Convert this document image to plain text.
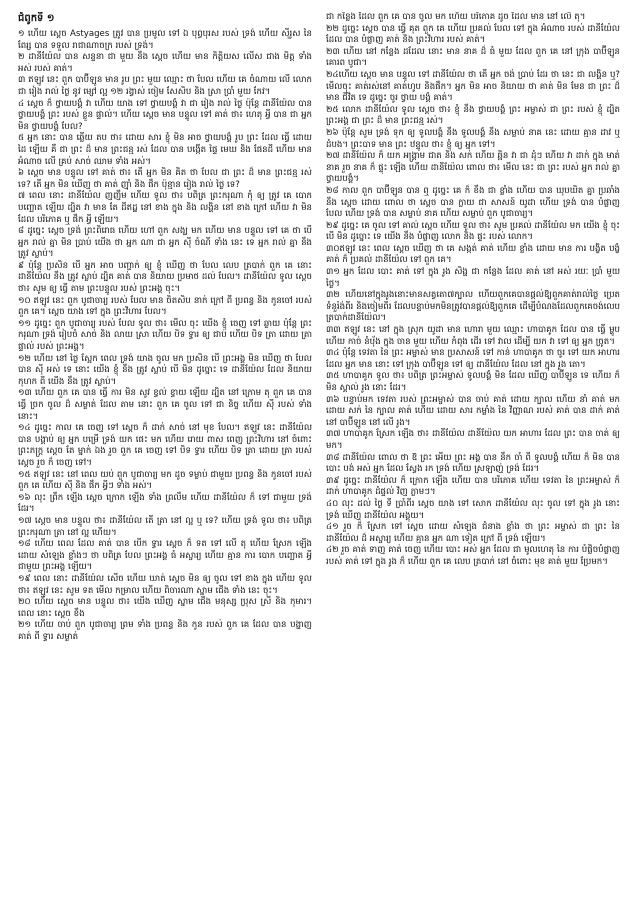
ជំពូកទី ១

១ ហើយ ស្តេច Astyages ត្រូវ បាន ប្រមូល ទៅ ឯ បុព្វបុរស របស់ ទ្រង់ ហើយ ស៊ីរូស នៃ ពែរ្ស បាន ទទួល រាជាណាចក្រ របស់ ទ្រង់។

២ ដានីយ៉ែល បាន សន្ទនា ជា មួយ នឹង ស្តេច ហើយ មាន កិត្តិយស លើស ជាង មិត្ត ទាំង អស់ របស់ គាត់។

៣ ឥឡូវ នេះ ពួក បាប៊ីឡូន មាន រូប ព្រះ មួយ ឈ្មោះ ថា បែល ហើយ គេ ចំណាយ លើ លោក ជា រៀង រាល់ ថ្ងៃ នូវ ម្សៅ ល្អ ១២ រង្វាស់ ចៀម សែសិប និង ស្រា ប្រាំ មួយ កែវ។

៤ ស្តេច ក៏ ថ្វាយបង្គំ វា ហើយ យាង ទៅ ថ្វាយបង្គំ វា ជា រៀង រាល់ ថ្ងៃ ប៉ុន្តែ ដានីយ៉ែល បាន ថ្វាយបង្គំ ព្រះ របស់ ខ្លួន ផ្ទាល់។ ហើយ ស្តេច មាន បន្ទូល ទៅ គាត់ ថា៖ ហេតុ អ្វី បាន ជា អ្នក មិន ថ្វាយបង្គំ បែល?

៥ អ្នក នោះ បាន ឆ្លើយ តប ថា៖ ដោយ សារ ខ្ញុំ មិន អាច ថ្វាយបង្គំ រូប ព្រះ ដែល ធ្វើ ដោយ ដៃ ឡើយ គឺ ជា ព្រះ ដ៏ មាន ព្រះជន្ម រស់ ដែល បាន បង្កើត ផ្ទៃ មេឃ និង ផែនដី ហើយ មាន អំណាច លើ គ្រប់ សាច់ ឈាម ទាំង អស់។

៦ ស្តេច មាន បន្ទូល ទៅ គាត់ ថា៖ តើ អ្នក មិន គិត ថា បែល ជា ព្រះ ដ៏ មាន ព្រះជន្ម រស់ ទេ? តើ អ្នក មិន ឃើញ ថា គាត់ ញ៉ាំ និង ផឹក ប៉ុន្មាន រៀង រាល់ ថ្ងៃ ទេ?

៧ ពេល នោះ ដានីយ៉ែល ញញឹម ហើយ ទូល ថា៖ បពិត្រ ព្រះករុណា កុំ ឲ្យ ត្រូវ គេ បោក បញ្ឆោត ឡើយ ដ្បិត វា មាន តែ ដីឥដ្ឋ នៅ ខាង ក្នុង និង លង្ហិន នៅ ខាង ក្រៅ ហើយ វា មិន ដែល បរិភោគ ឬ ផឹក អ្វី ឡើយ។

៨ ដូច្នេះ ស្តេច ទ្រង់ ព្រះពិរោធ ហើយ ហៅ ពួក សង្ឃ មក ហើយ មាន បន្ទូល ទៅ គេ ថា បើ អ្នក រាល់ គ្នា មិន ប្រាប់ យើង ថា អ្នក ណា ជា អ្នក ស៊ី ចំណី ទាំង នេះ ទេ អ្នក រាល់ គ្នា នឹង ត្រូវ ស្លាប់។

៩ ប៉ុន្តែ ប្រសិន បើ អ្នក អាច បញ្ជាក់ ឲ្យ ខ្ញុំ ឃើញ ថា បែល លេប ត្របាក់ ពួក គេ នោះ ដានីយ៉ែល នឹង ត្រូវ ស្លាប់ ដ្បិត គាត់ បាន និយាយ ប្រមាថ ដល់ បែល។ ដានីយ៉ែល ទូល ស្តេច ថា៖ សូម ឲ្យ ធ្វើ តាម ព្រះបន្ទូល របស់ ព្រះអង្គ ចុះ។

១០ ឥឡូវ នេះ ពួក បូជាចារ្យ របស់ បែល មាន ចិតសិប នាក់ ក្រៅ ពី ប្រពន្ធ និង កូនចៅ របស់ ពួក គេ។ ស្តេច យាង ទៅ ក្នុង ព្រះវិហារ បែល។

១១ ដូច្នេះ ពួក បូជាចារ្យ របស់ បែល ទូល ថា៖ មើល ចុះ យើង ខ្ញុំ ចេញ ទៅ ឆ្ងាយ ប៉ុន្តែ ព្រះករុណា ទ្រង់ រៀបចំ សាច់ និង លាយ ស្រា ហើយ បិទ ទ្វារ ឲ្យ ជាប់ ហើយ បិទ ត្រា ដោយ ត្រា ផ្ទាល់ របស់ ព្រះអង្គ។

១២ ហើយ នៅ ថ្ងៃ ស្អែក ពេល ទ្រង់ យាង ចូល មក ប្រសិន បើ ព្រះអង្គ មិន ឃើញ ថា បែល បាន ស៊ី អស់ ទេ នោះ យើង ខ្ញុំ នឹង ត្រូវ ស្លាប់ បើ មិន ដូច្នោះ ទេ ដានីយ៉ែល ដែល និយាយ កុហក ពី យើង នឹង ត្រូវ ស្លាប់។

១៣ ហើយ ពួក គេ បាន ធ្វើ ការ មិន សូវ ខ្វល់ ខ្វាយ ឡើយ ដ្បិត នៅ ក្រោម តុ ពួក គេ បាន ធ្វើ ច្រក ចូល ដ៏ សម្ងាត់ ដែល តាម នោះ ពួក គេ ចូល ទៅ ជា និច្ច ហើយ ស៊ី របស់ ទាំង នោះ។

១៤ ដូច្នេះ កាល គេ ចេញ ទៅ ស្តេច ក៏ ដាក់ សាច់ នៅ មុខ បែល។ ឥឡូវ នេះ ដានីយ៉ែល បាន បង្គាប់ ឲ្យ អ្នក បម្រើ ទ្រង់ យក ផេះ មក ហើយ រោយ ពាស ពេញ ព្រះវិហារ នៅ ចំពោះ ព្រះភក្ត្រ ស្តេច តែ ម្នាក់ ឯង រួច ពួក គេ ចេញ ទៅ បិទ ទ្វារ ហើយ បិទ ត្រា ដោយ ត្រា របស់ ស្តេច រួច ក៏ ចេញ ទៅ។

១៥ ឥឡូវ នេះ នៅ ពេល យប់ ពួក បូជាចារ្យ មក ដូច ទម្លាប់ ជាមួយ ប្រពន្ធ និង កូនចៅ របស់ ពួក គេ ហើយ ស៊ី និង ផឹក អ្វីៗ ទាំង អស់។

១៦ លុះ ព្រឹក ឡើង ស្តេច ក្រោក ឡើង ទាំង ព្រលឹម ហើយ ដានីយ៉ែល ក៏ ទៅ ជាមួយ ទ្រង់ ដែរ។

១៧ ស្តេច មាន បន្ទូល ថា៖ ដានីយ៉ែល តើ ត្រា នៅ ល្អ ឬ ទេ? ហើយ ទ្រង់ ទូល ថា៖ បពិត្រ ព្រះករុណា ត្រា នៅ ល្អ ហើយ។

១៨ ហើយ ពេល ដែល គាត់ បាន បើក ទ្វារ ស្តេច ក៏ ទត ទៅ លើ តុ ហើយ ស្រែក ឡើង ដោយ សំឡេង ខ្លាំងៗ ថា បពិត្រ បែល ព្រះអង្គ ធំ អស្ចារ្យ ហើយ គ្មាន ការ បោក បញ្ឆោត អ្វី ជាមួយ ព្រះអង្គ ឡើយ។

១៩ ពេល នោះ ដានីយ៉ែល សើច ហើយ ឃាត់ ស្តេច មិន ឲ្យ ចូល ទៅ ខាង ក្នុង ហើយ ទូល ថា៖ ឥឡូវ នេះ សូម ទត មើល កម្រាល ហើយ ពិចារណា ស្នាម ជើង ទាំង នេះ ចុះ។

២០ ហើយ ស្តេច មាន បន្ទូល ថា៖ យើង ឃើញ ស្នាម ជើង មនុស្ស ប្រុស ស្រី និង កុមារ។ ពេល នោះ ស្តេច ខឹង

២១ ហើយ ចាប់ ពួក បូជាចារ្យ ព្រម ទាំង ប្រពន្ធ និង កូន របស់ ពួក គេ ដែល បាន បង្ហាញ គាត់ ពី ទ្វារ សម្ងាត់

ជា កន្លែង ដែល ពួក គេ បាន ចូល មក ហើយ បរិភោគ ដូច ដែល មាន នៅ លើ តុ។

២២ ដូច្នេះ ស្តេច បាន ធ្វើ គុត ពួក គេ ហើយ ប្រគល់ បែល ទៅ ក្នុង អំណាច របស់ ដានីយ៉ែល ដែល បាន បំផ្លាញ គាត់ និង ព្រះវិហារ របស់ គាត់។

២៣ ហើយ នៅ កន្លែង ដដែល នោះ មាន នាគ ដ៏ ធំ មួយ ដែល ពួក គេ នៅ ក្រុង បាប៊ីឡូន គោរព បូជា។

២៤ហើយ ស្តេច មាន បន្ទូល ទៅ ដានីយ៉ែល ថា តើ អ្នក ចង់ ប្រាប់ ដែរ ថា នេះ ជា លង្ហិន ឬ? មើលចុះ គាត់រស់នៅ គាត់ហូប និងផឹក។ អ្នក មិន អាច និយាយ ថា គាត់ មិន មែន ជា ព្រះ ដ៏ មាន ជីវិត ទេ ដូច្នេះ ចូរ ថ្វាយ បង្គំ គាត់។

២៥ លោក ដានីយ៉ែល ទូល ស្តេច ថា៖ ខ្ញុំ នឹង ថ្វាយបង្គំ ព្រះ អម្ចាស់ ជា ព្រះ របស់ ខ្ញុំ ដ្បិត ព្រះអង្គ ជា ព្រះ ដ៏ មាន ព្រះជន្ម រស់។

២៦ ប៉ុន្តែ សូម ទ្រង់ ទុក ឲ្យ ទូលបង្គំ នឹង ទូលបង្គំ នឹង សម្លាប់ នាគ នេះ ដោយ គ្មាន ដាវ ឬ ដំបង។ ព្រះបាទ មាន ព្រះ ឋន្ទូល ថា៖ ខ្ញុំ ឲ្យ អ្នក ទៅ។

២៧ ដានីយ៉ែល ក៏ យក អង្គ្រាម ជាត និង សក់ ហើយ ឆ្អិន វា ជា ដុំៗ ហើយ វា ដាក់ ក្នុង មាត់ នាគ រួច នាគ ក៏ ផ្ទុះ ឡើង ហើយ ដានីយ៉ែល ពោល ថា៖ មើល នេះ ជា ព្រះ របស់ អ្នក រាល់ គ្នា ថ្វាយបង្គំ។

២៨ កាល ពួក បាប៊ីឡូន បាន ឮ ដូច្នេះ គេ ក៏ ខឹង ជា ខ្លាំង ហើយ បាន ឃុបឃិត គ្នា ប្រឆាំង នឹង ស្តេច ដោយ ពោល ថា ស្តេច បាន ក្លាយ ជា សាសន៍ យូដា ហើយ ទ្រង់ បាន បំផ្លាញ បែល ហើយ ទ្រង់ បាន សម្លាប់ នាគ ហើយ សម្លាប់ ពួក បូជាចារ្យ។

២៩ ដូច្នេះ គេ ចូល ទៅ គាល់ ស្តេច ហើយ ទូល ថា៖ សូម ប្រគល់ ដានីយ៉ែល មក យើង ខ្ញុំ ចុះ បើ មិន ដូច្នោះ ទេ យើង នឹង បំផ្លាញ លោក និង ផ្ទះ របស់ លោក។

៣០ឥឡូវ នេះ ពេល ស្តេច ឃើញ ថា គេ សង្កត់ គាត់ ហើយ ខ្លាំង ដោយ មាន ការ បង្ខិត បង្ខំ គាត់ ក៏ ប្រគល់ ដានីយ៉ែល ទៅ ពួក គេ។

៣១ អ្នក ដែល បោះ គាត់ ទៅ ក្នុង រូង សិង្ហ ជា កន្លែង ដែល គាត់ នៅ អស់ រយៈ ប្រាំ មួយ ថ្ងៃ។

៣២ ហើយនៅក្នុងរូងនោះមានសត្វតោ៧ក្បាល ហើយពួកគេបានផ្តល់ឱ្យពួកគាត់រាល់ថ្ងៃ ប្រេតទំនួរ៉ង់ពីរ និងចៀមពីរ ដែលបន្ទាប់មកមិនត្រូវបានផ្តល់ឱ្យពួកគេ ដើម្បីបំណងដែលពួកគេចង់លេបត្របាក់ដានីយ៉ែល។

៣៣ ឥឡូវ នេះ នៅ ក្នុង ស្រុក យូដា មាន ហោរា មួយ ឈ្មោះ ហាបាគូក ដែល បាន ធ្វើ ម្ហូប ហើយ កាច់ នំបុ័ង ក្នុង ចាន មួយ ហើយ កំពុង ដើរ ទៅ វាល ដើម្បី យក វា ទៅ ឲ្យ អ្នក ច្រូត។

៣៤ ប៉ុន្តែ ទេវតា នៃ ព្រះ អម្ចាស់ មាន ប្រសាសន៍ ទៅ កាន់ ហាបាគូក ថា ចូរ ទៅ យក អាហារ ដែល អ្នក មាន នោះ ទៅ ក្រុង បាប៊ីឡូន ទៅ ឲ្យ ដានីយ៉ែល ដែល នៅ ក្នុង រូង តោ។

៣៥ ហាបាគូក ទូល ថា៖ បពិត្រ ព្រះអម្ចាស់ ទូលបង្គំ មិន ដែល ឃើញ បាប៊ីឡូន ទេ ហើយ ក៏ មិន ស្គាល់ រូង នោះ ដែរ។

៣៦ បន្ទាប់មក ទេវតា របស់ ព្រះអម្ចាស់ បាន ចាប់ គាត់ ដោយ ក្បាល ហើយ នាំ គាត់ មក ដោយ សក់ នៃ ក្បាល គាត់ ហើយ ដោយ សារ កម្លាំង នៃ វិញ្ញាណ របស់ គាត់ បាន ដាក់ គាត់ នៅ បាប៊ីឡូន នៅ លើ រូង។

៣៧ ហាបាគូក ស្រែក ឡើង ថា៖ ដានីយ៉ែល ដានីយ៉ែល យក អាហារ ដែល ព្រះ បាន ចាត់ ឲ្យ មក។

៣៨ ដានីយ៉ែល ពោល ថា ឱ ព្រះ អើយ ព្រះ អង្គ បាន នឹក ចាំ ពី ទូលបង្គំ ហើយ ក៏ មិន បាន បោះ បង់ អស់ អ្នក ដែល ស្វែង រក ទ្រង់ ហើយ ស្រឡាញ់ ទ្រង់ ដែរ។

៣៩ ដូច្នេះ ដានីយ៉ែល ក៏ ក្រោក ឡើង ហើយ បាន បរិភោគ ហើយ ទេវតា នៃ ព្រះអម្ចាស់ ក៏ ដាក់ ហាបាគូក ដំផ្ទល់ វិញ ភ្លាមៗ។

៤០ លុះ ដល់ ថ្ងៃ ទី ប្រាំពីរ ស្តេច យាង ទៅ សោក ដានីយ៉ែល លុះ ចូល ទៅ ក្នុង រូង នោះ ទ្រង់ ឃើញ ដានីយ៉ែល អង្គុយ។

៤១ រួច ក៏ ស្រែក ទៅ ស្តេច ដោយ សំឡេង ជំនាង ខ្លាំង ថា ព្រះ អម្ចាស់ ជា ព្រះ នៃ ដានីយ៉ែល ដ៏ អស្ចារ្យ ហើយ គ្មាន អ្នក ណា ទៀត ក្រៅ ពី ទ្រង់ ឡើយ។

៤២ រួច គាត់ ទាញ គាត់ ចេញ ហើយ បោះ អស់ អ្នក ដែល ជា មូលហេតុ នៃ ការ បំផ្លិចបំផ្លាញ របស់ គាត់ ទៅ ក្នុង រូង ក៏ ហើយ ពួក គេ លេប ត្របាក់ នៅ ចំពោះ មុខ គាត់ មួយ ប្រែមក។
